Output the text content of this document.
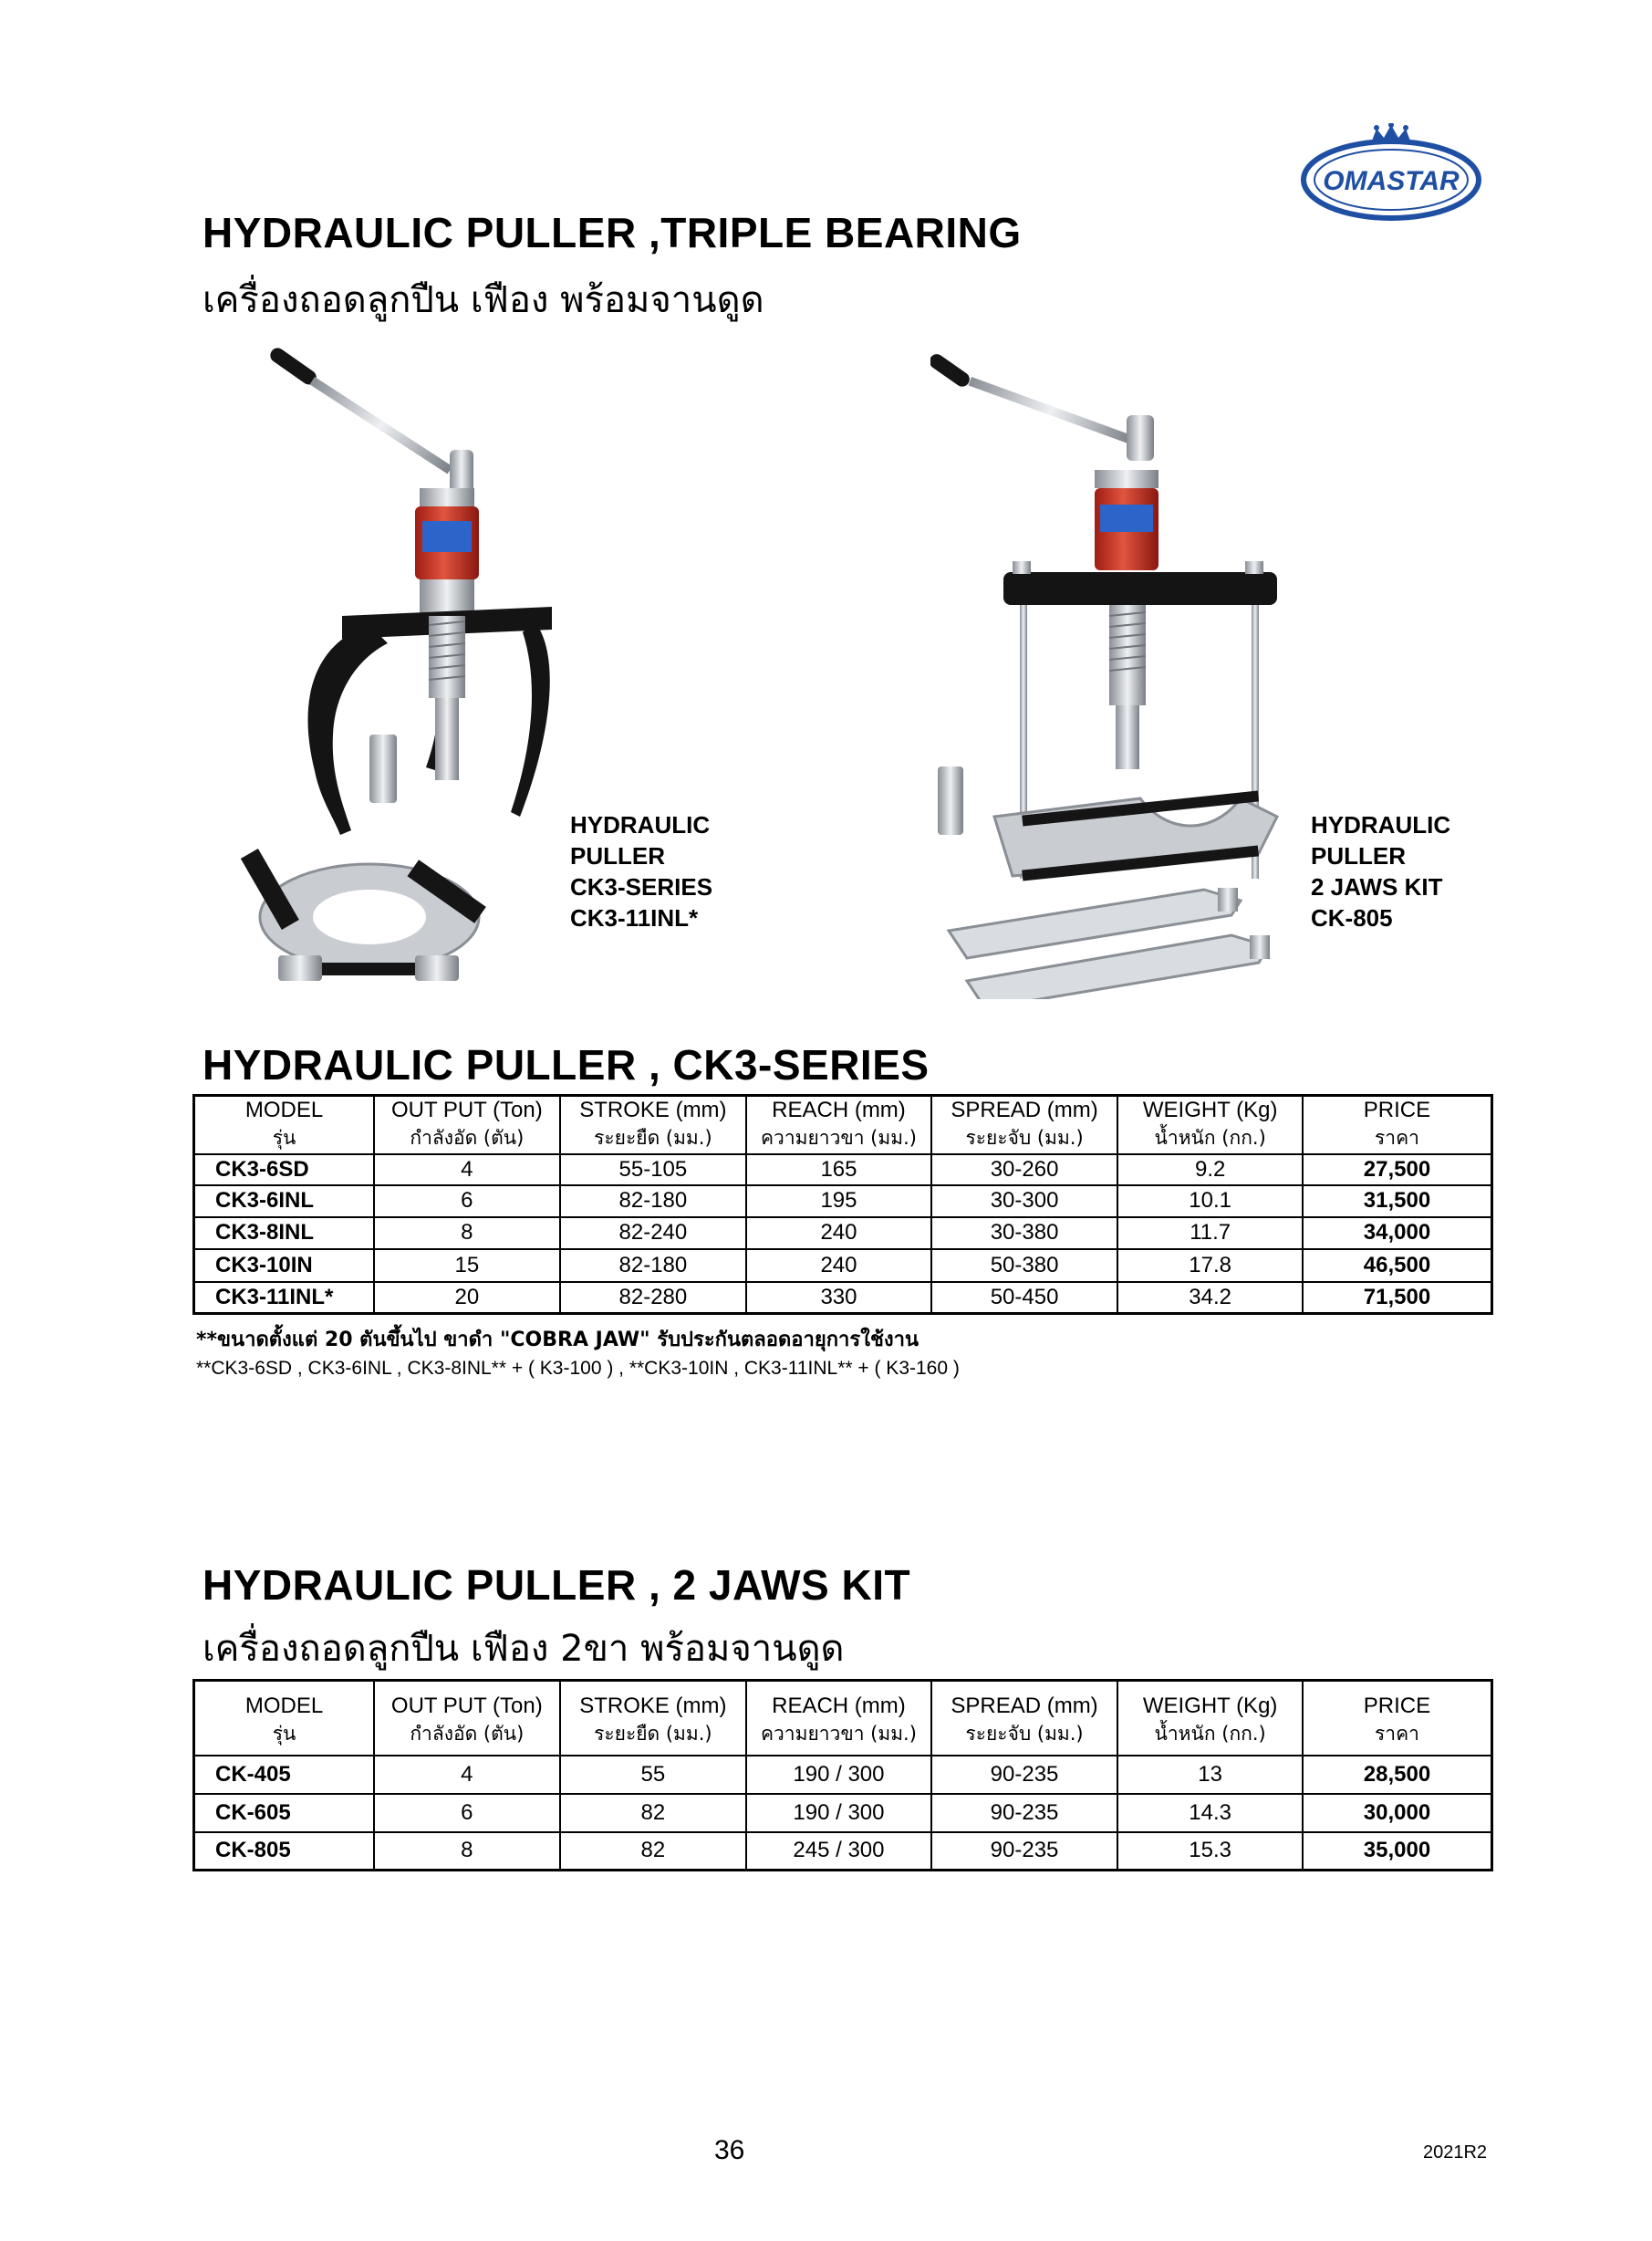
OMASTAR
HYDRAULIC PULLER ,TRIPLE BEARING
เครื่องถอดลูกปืน เฟือง พร้อมจานดูด
HYDRAULIC
PULLER
CK3-SERIES
CK3-11INL*
HYDRAULIC
PULLER
2 JAWS KIT
CK-805
HYDRAULIC PULLER , CK3-SERIES
MODEL	OUT PUT (Ton)	STROKE (mm)	REACH (mm)	SPREAD (mm)	WEIGHT (Kg)	PRICE
รุ่น	กำลังอัด (ตัน)	ระยะยืด (มม.)	ความยาวขา (มม.)	ระยะจับ (มม.)	น้ำหนัก (กก.)	ราคา
CK3-6SD	4	55-105	165	30-260	9.2	27,500
CK3-6INL	6	82-180	195	30-300	10.1	31,500
CK3-8INL	8	82-240	240	30-380	11.7	34,000
CK3-10IN	15	82-180	240	50-380	17.8	46,500
CK3-11INL*	20	82-280	330	50-450	34.2	71,500
**ขนาดตั้งแต่ 20 ตันขึ้นไป ขาดำ "COBRA JAW" รับประกันตลอดอายุการใช้งาน
**CK3-6SD , CK3-6INL , CK3-8INL** + ( K3-100 ) , **CK3-10IN , CK3-11INL** + ( K3-160 )
HYDRAULIC PULLER , 2 JAWS KIT
เครื่องถอดลูกปืน เฟือง 2ขา พร้อมจานดูด
MODEL	OUT PUT (Ton)	STROKE (mm)	REACH (mm)	SPREAD (mm)	WEIGHT (Kg)	PRICE
รุ่น	กำลังอัด (ตัน)	ระยะยืด (มม.)	ความยาวขา (มม.)	ระยะจับ (มม.)	น้ำหนัก (กก.)	ราคา
CK-405	4	55	190 / 300	90-235	13	28,500
CK-605	6	82	190 / 300	90-235	14.3	30,000
CK-805	8	82	245 / 300	90-235	15.3	35,000
36	2021R2
